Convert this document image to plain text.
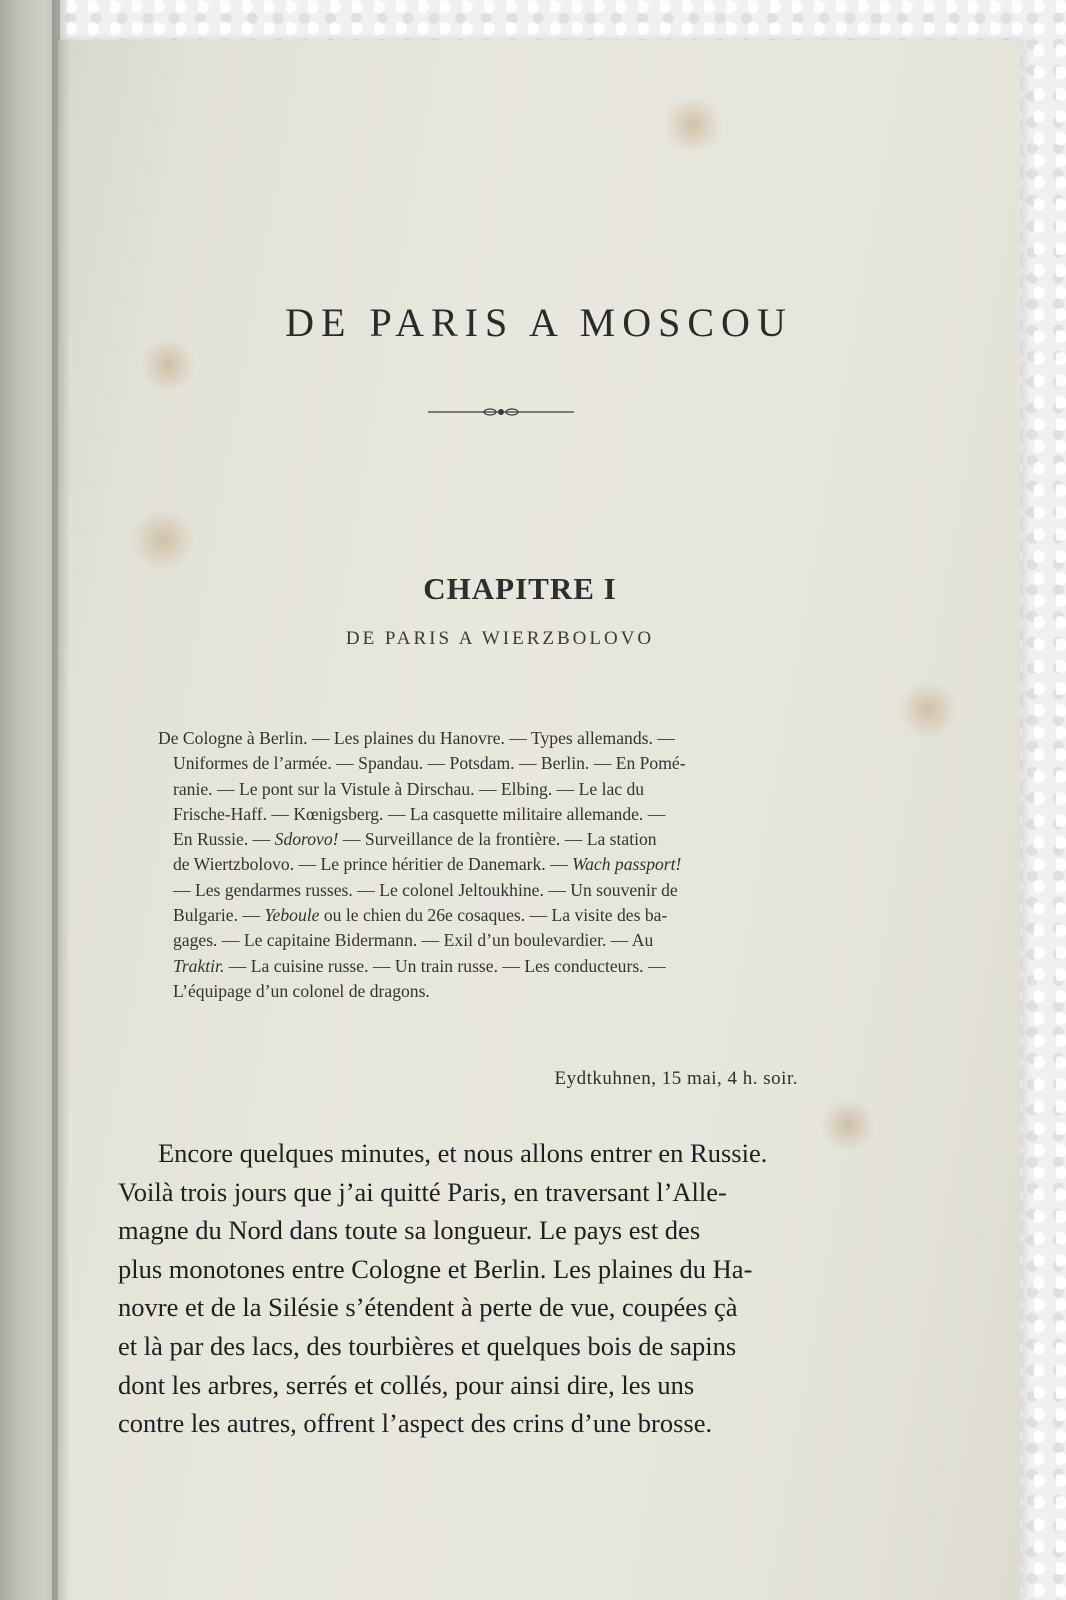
DE PARIS A MOSCOU
CHAPITRE I
DE PARIS A WIERZBOLOVO
De Cologne à Berlin. — Les plaines du Hanovre. — Types allemands. —
Uniformes de l’armée. — Spandau. — Potsdam. — Berlin. — En Pomé-
ranie. — Le pont sur la Vistule à Dirschau. — Elbing. — Le lac du
Frische-Haff. — Kœnigsberg. — La casquette militaire allemande. —
En Russie. — Sdorovo! — Surveillance de la frontière. — La station
de Wiertzbolovo. — Le prince héritier de Danemark. — Wach passport!
— Les gendarmes russes. — Le colonel Jeltoukhine. — Un souvenir de
Bulgarie. — Yeboule ou le chien du 26e cosaques. — La visite des ba-
gages. — Le capitaine Bidermann. — Exil d’un boulevardier. — Au
Traktir. — La cuisine russe. — Un train russe. — Les conducteurs. —
L’équipage d’un colonel de dragons.
Eydtkuhnen, 15 mai, 4 h. soir.
Encore quelques minutes, et nous allons entrer en Russie.
Voilà trois jours que j’ai quitté Paris, en traversant l’Alle-
magne du Nord dans toute sa longueur. Le pays est des
plus monotones entre Cologne et Berlin. Les plaines du Ha-
novre et de la Silésie s’étendent à perte de vue, coupées çà
et là par des lacs, des tourbières et quelques bois de sapins
dont les arbres, serrés et collés, pour ainsi dire, les uns
contre les autres, offrent l’aspect des crins d’une brosse.
